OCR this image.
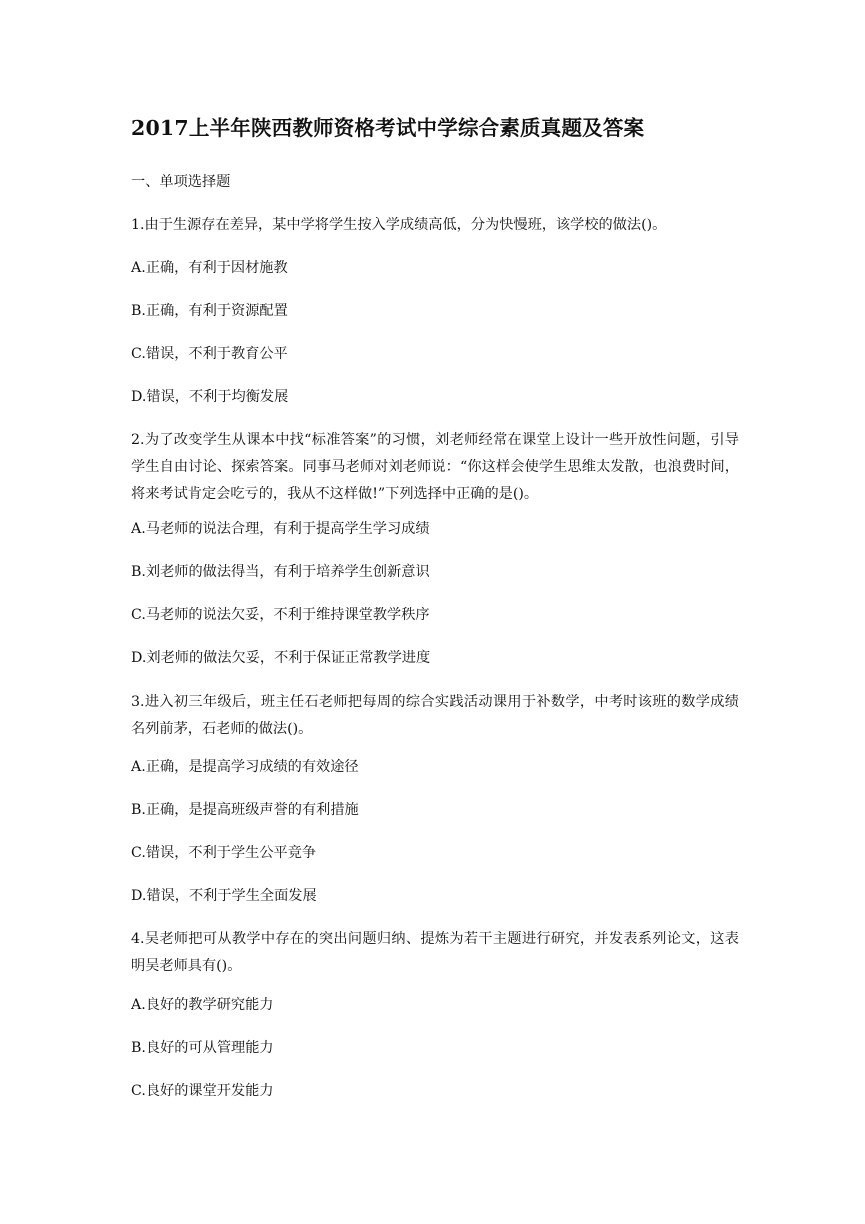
2017上半年陕西教师资格考试中学综合素质真题及答案
一、单项选择题
1.由于生源存在差异，某中学将学生按入学成绩高低，分为快慢班，该学校的做法()。
A.正确，有利于因材施教
B.正确，有利于资源配置
C.错误，不利于教育公平
D.错误，不利于均衡发展
2.为了改变学生从课本中找“标准答案”的习惯，刘老师经常在课堂上设计一些开放性问题，引导学生自由讨论、探索答案。同事马老师对刘老师说：“你这样会使学生思维太发散，也浪费时间，将来考试肯定会吃亏的，我从不这样做!”下列选择中正确的是()。
A.马老师的说法合理，有利于提高学生学习成绩
B.刘老师的做法得当，有利于培养学生创新意识
C.马老师的说法欠妥，不利于维持课堂教学秩序
D.刘老师的做法欠妥，不利于保证正常教学进度
3.进入初三年级后，班主任石老师把每周的综合实践活动课用于补数学，中考时该班的数学成绩名列前茅，石老师的做法()。
A.正确，是提高学习成绩的有效途径
B.正确，是提高班级声誉的有利措施
C.错误，不利于学生公平竞争
D.错误，不利于学生全面发展
4.吴老师把可从教学中存在的突出问题归纳、提炼为若干主题进行研究，并发表系列论文，这表明吴老师具有()。
A.良好的教学研究能力
B.良好的可从管理能力
C.良好的课堂开发能力
